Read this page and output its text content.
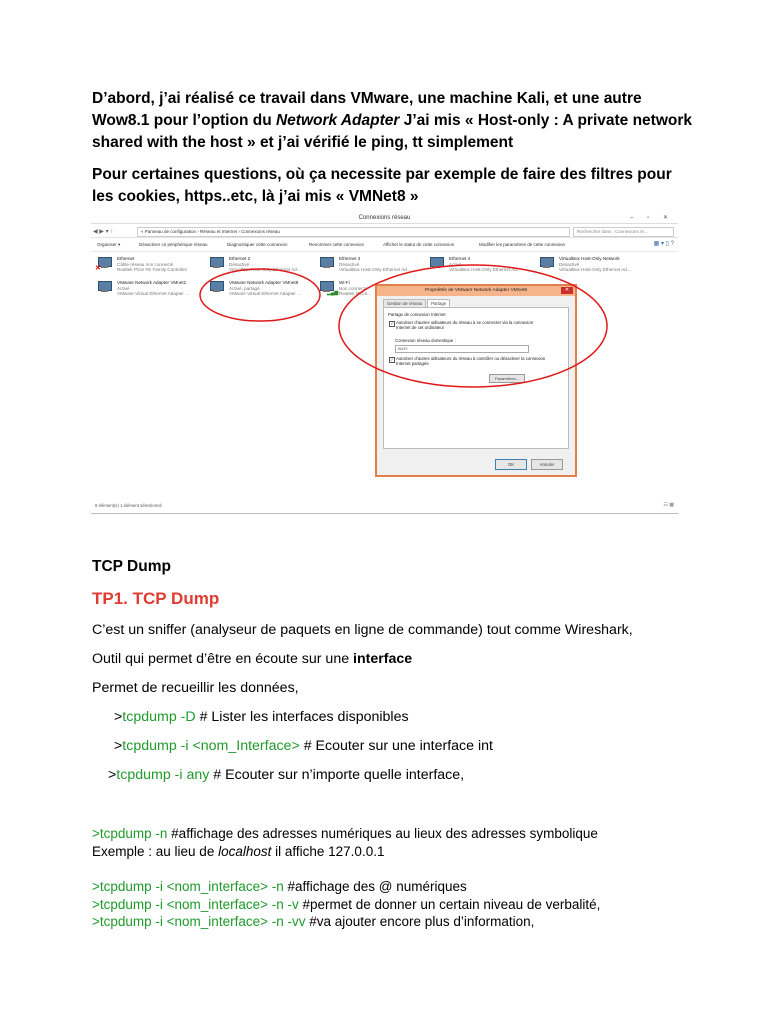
D’abord, j’ai réalisé ce travail dans VMware, une machine Kali, et une autre Wow8.1 pour l’option du Network Adapter J’ai mis « Host-only : A private network shared with the host » et j’ai vérifié le ping, tt simplement

Pour certaines questions, où ça necessite par exemple de faire des filtres pour les cookies, https..etc, là j’ai mis « VMNet8 »

Connexions réseau	– ▫ ✕
◀ ▶ ▾ ↑	« Panneau de configuration › Réseau et Internet › Connexions réseau	Rechercher dans : Connexions ré...
Organiser ▾	Désactiver ce périphérique réseau	Diagnostiquer cette connexion	Renommer cette connexion	Afficher le statut de cette connexion	Modifier les paramètres de cette connexion	▦ ▾ ▯ ?
✕
Ethernet
Câble réseau non connecté
Realtek PCIe FE Family Controller
Ethernet 2
Désactivé
VirtualBox Host-Only Ethernet Ad...
Ethernet 3
Désactivé
VirtualBox Host-Only Ethernet Ad...
Ethernet 4
Activé
VirtualBox Host-Only Ethernet Ad...
VirtualBox Host-Only Network
Désactivé
VirtualBox Host-Only Ethernet Ad...
VMware Network Adapter VMnet1
Activé
VMware Virtual Ethernet Adapter ...
VMware Network Adapter VMnet8
Activé, partagé
VMware Virtual Ethernet Adapter ...	▂▄▆
Wi-Fi
Non connecté
Realtek RTL8...
Propriétés de VMware Network Adapter VMnet8	✕
Gestion de réseau Partage
Partage de connexion Internet
✓ Autoriser d’autres utilisateurs du réseau à se connecter via la connexion Internet de cet ordinateur
Connexion réseau domestique :
Wi-Fi
✓ Autoriser d’autres utilisateurs du réseau à contrôler ou désactiver la connexion Internet partagée
Paramètres...
OK	Annuler
8 élément(s) 1 élément sélectionné	☷ ▦
TCP Dump
TP1. TCP Dump
C’est un sniffer (analyseur de paquets en ligne de commande) tout comme Wireshark,
Outil qui permet d’être en écoute sur une interface
Permet de recueillir les données,
>tcpdump -D # Lister les interfaces disponibles
>tcpdump -i <nom_Interface> # Ecouter sur une interface int
>tcpdump -i any # Ecouter sur n’importe quelle interface,
>tcpdump -n #affichage des adresses numériques au lieux des adresses symbolique
Exemple : au lieu de localhost il affiche 127.0.0.1
>tcpdump -i <nom_interface> -n #affichage des @ numériques
>tcpdump -i <nom_interface> -n -v #permet de donner un certain niveau de verbalité,
>tcpdump -i <nom_interface> -n -vv #va ajouter encore plus d’information,
